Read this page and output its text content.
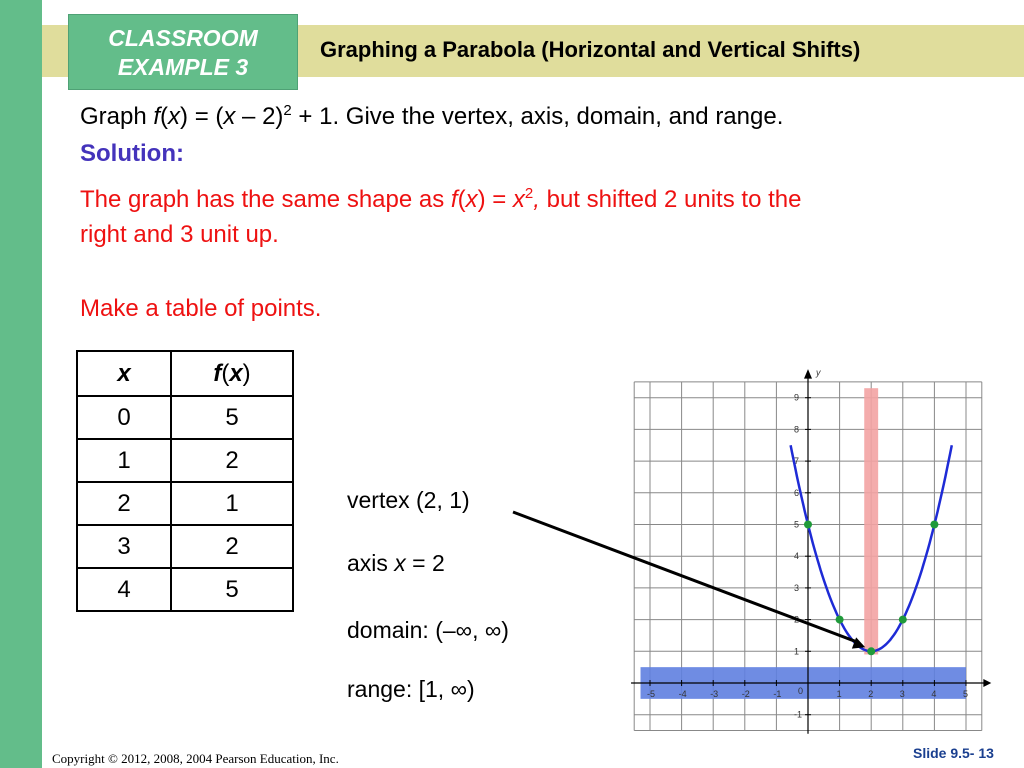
CLASSROOM
EXAMPLE 3
Graphing a Parabola (Horizontal and Vertical Shifts)
Graph f(x) = (x – 2)$^2$ + 1. Give the vertex, axis, domain, and range.
Solution:
The graph has the same shape as $f(x) = x^2$, but shifted 2 units to the
right and 3 unit up.
Make a table of points.
x	f(x)
0	5
1	2
2	1
3	2
4	5
vertex (2, 1)
axis x = 2
domain: (–∞, ∞)
range: [1, ∞)
y
-5	-4	-3	-2	-1	1	2	3	4	5
1
3
4
5
6
7
8
9
-1
0
Copyright © 2012, 2008, 2004 Pearson Education, Inc.	Slide 9.5- 13
